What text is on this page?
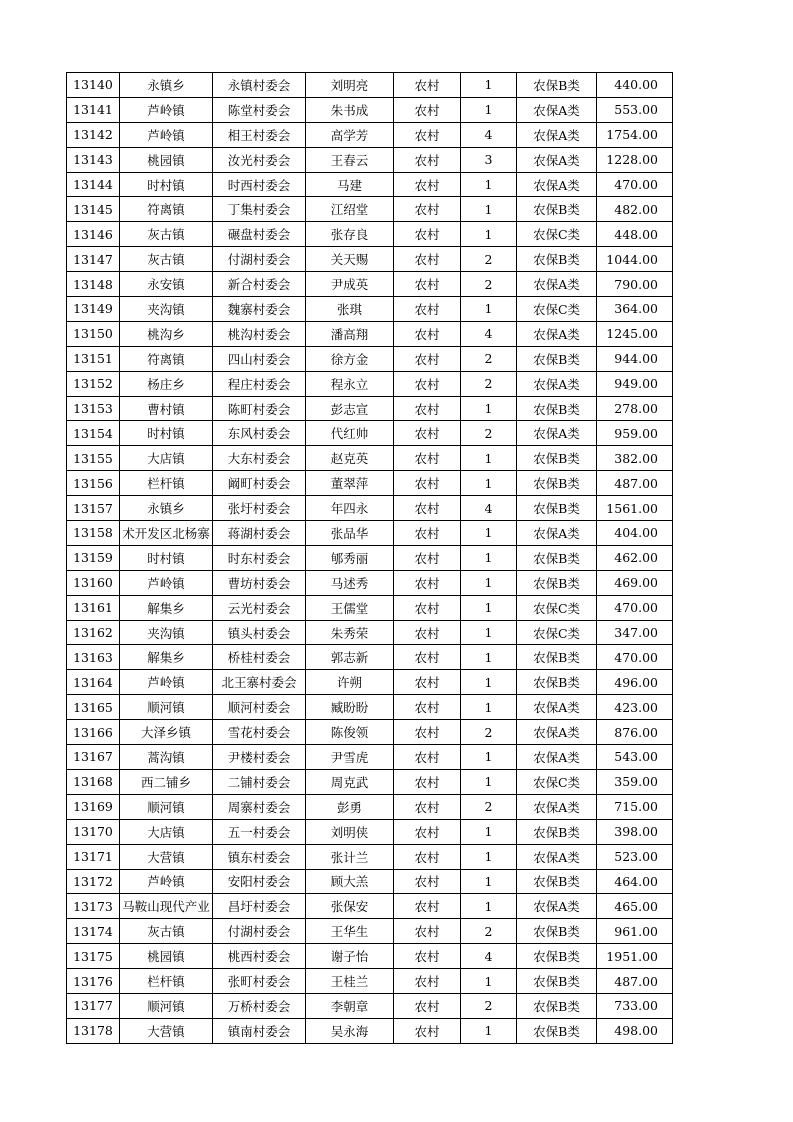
13140	永镇乡	永镇村委会	刘明亮	农村	1	农保B类	440.00
13141	芦岭镇	陈堂村委会	朱书成	农村	1	农保A类	553.00
13142	芦岭镇	相王村委会	高学芳	农村	4	农保A类	1754.00
13143	桃园镇	汝光村委会	王春云	农村	3	农保A类	1228.00
13144	时村镇	时西村委会	马建	农村	1	农保A类	470.00
13145	符离镇	丁集村委会	江绍堂	农村	1	农保B类	482.00
13146	灰古镇	碾盘村委会	张存良	农村	1	农保C类	448.00
13147	灰古镇	付湖村委会	关天赐	农村	2	农保B类	1044.00
13148	永安镇	新合村委会	尹成英	农村	2	农保A类	790.00
13149	夹沟镇	魏寨村委会	张琪	农村	1	农保C类	364.00
13150	桃沟乡	桃沟村委会	潘高翔	农村	4	农保A类	1245.00
13151	符离镇	四山村委会	徐方金	农村	2	农保B类	944.00
13152	杨庄乡	程庄村委会	程永立	农村	2	农保A类	949.00
13153	曹村镇	陈町村委会	彭志宣	农村	1	农保B类	278.00
13154	时村镇	东风村委会	代红帅	农村	2	农保A类	959.00
13155	大店镇	大东村委会	赵克英	农村	1	农保B类	382.00
13156	栏杆镇	阚町村委会	董翠萍	农村	1	农保B类	487.00
13157	永镇乡	张圩村委会	年四永	农村	4	农保B类	1561.00
13158	术开发区北杨寨	蒋湖村委会	张品华	农村	1	农保A类	404.00
13159	时村镇	时东村委会	郇秀丽	农村	1	农保B类	462.00
13160	芦岭镇	曹坊村委会	马述秀	农村	1	农保B类	469.00
13161	解集乡	云光村委会	王儒堂	农村	1	农保C类	470.00
13162	夹沟镇	镇头村委会	朱秀荣	农村	1	农保C类	347.00
13163	解集乡	桥桂村委会	郭志新	农村	1	农保B类	470.00
13164	芦岭镇	北王寨村委会	许朔	农村	1	农保B类	496.00
13165	顺河镇	顺河村委会	臧盼盼	农村	1	农保A类	423.00
13166	大泽乡镇	雪花村委会	陈俊领	农村	2	农保A类	876.00
13167	蒿沟镇	尹楼村委会	尹雪虎	农村	1	农保A类	543.00
13168	西二铺乡	二铺村委会	周克武	农村	1	农保C类	359.00
13169	顺河镇	周寨村委会	彭勇	农村	2	农保A类	715.00
13170	大店镇	五一村委会	刘明侠	农村	1	农保B类	398.00
13171	大营镇	镇东村委会	张计兰	农村	1	农保A类	523.00
13172	芦岭镇	安阳村委会	顾大羔	农村	1	农保B类	464.00
13173	马鞍山现代产业	昌圩村委会	张保安	农村	1	农保A类	465.00
13174	灰古镇	付湖村委会	王华生	农村	2	农保B类	961.00
13175	桃园镇	桃西村委会	谢子怡	农村	4	农保B类	1951.00
13176	栏杆镇	张町村委会	王桂兰	农村	1	农保B类	487.00
13177	顺河镇	万桥村委会	李朝章	农村	2	农保B类	733.00
13178	大营镇	镇南村委会	吴永海	农村	1	农保B类	498.00
